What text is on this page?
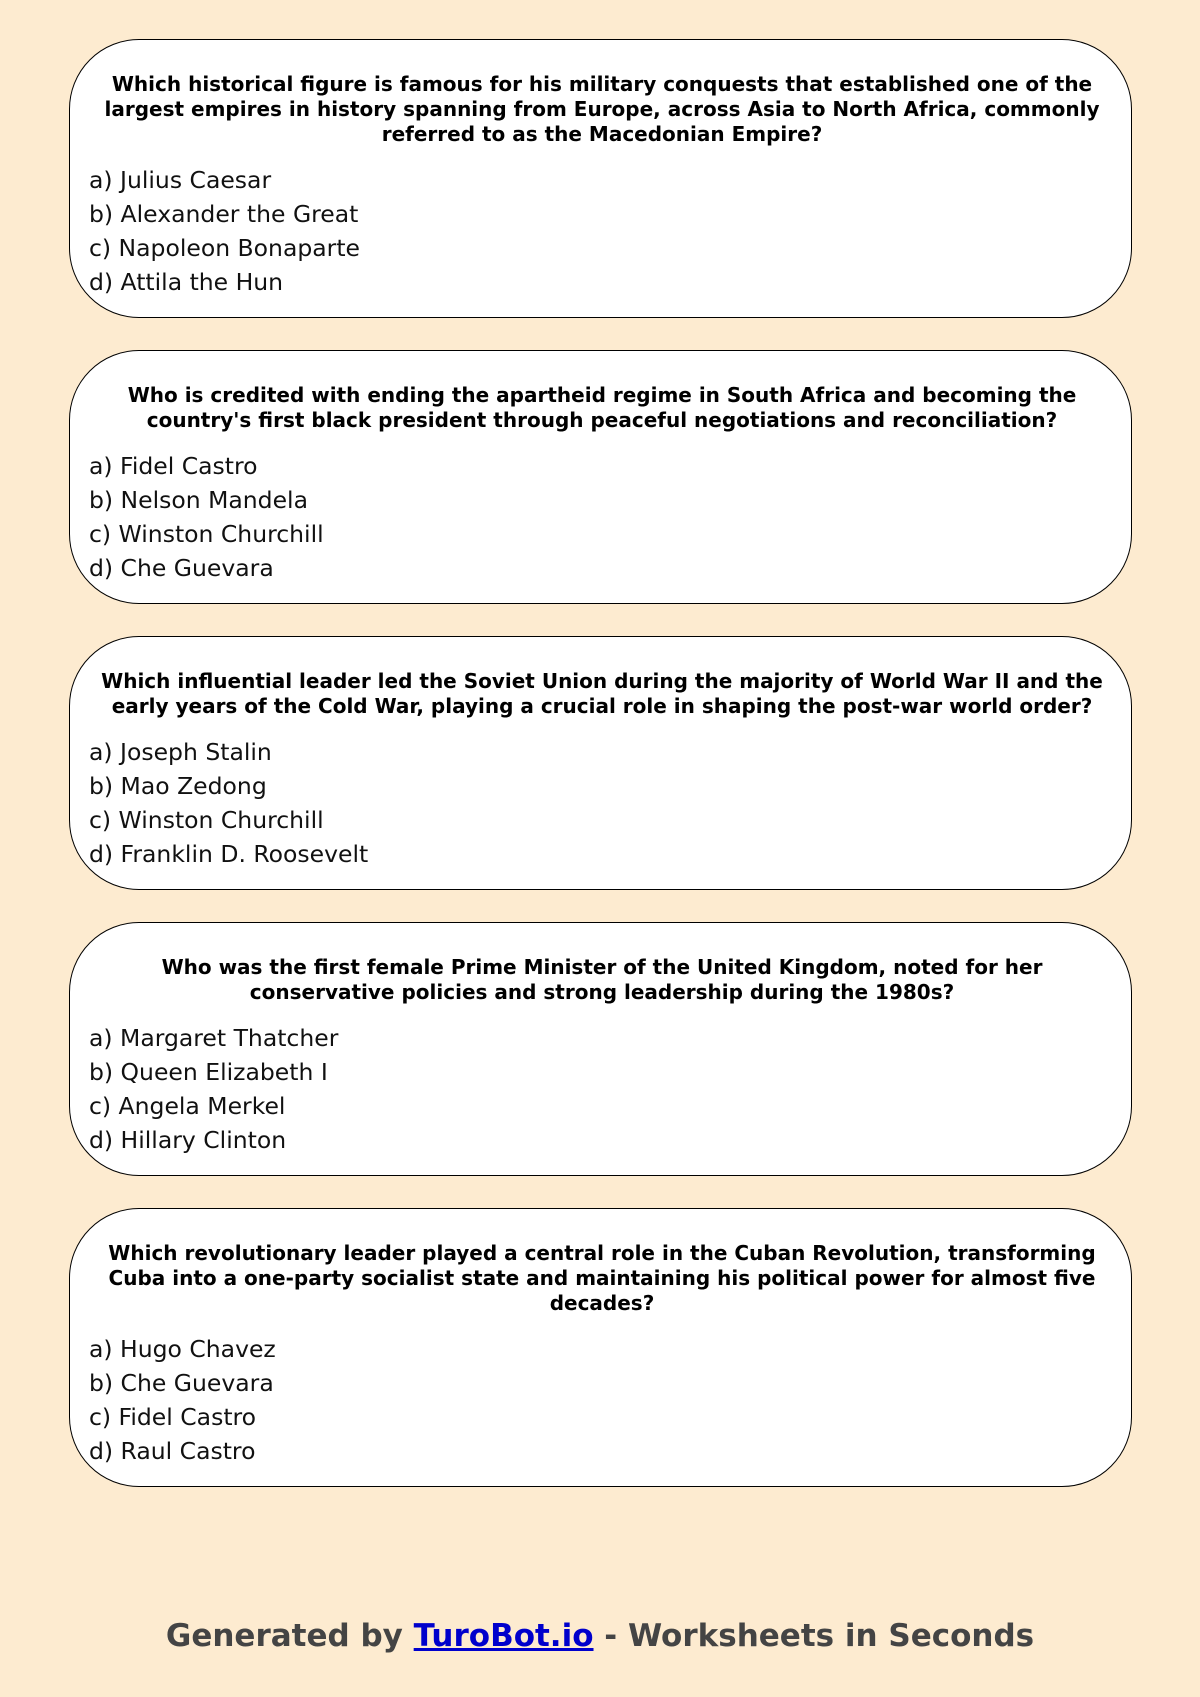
Which historical figure is famous for his military conquests that established one of the largest empires in history spanning from Europe, across Asia to North Africa, commonly referred to as the Macedonian Empire?

a) Julius Caesar
b) Alexander the Great
c) Napoleon Bonaparte
d) Attila the Hun

Who is credited with ending the apartheid regime in South Africa and becoming the country's first black president through peaceful negotiations and reconciliation?

a) Fidel Castro
b) Nelson Mandela
c) Winston Churchill
d) Che Guevara

Which influential leader led the Soviet Union during the majority of World War II and the early years of the Cold War, playing a crucial role in shaping the post-war world order?

a) Joseph Stalin
b) Mao Zedong
c) Winston Churchill
d) Franklin D. Roosevelt

Who was the first female Prime Minister of the United Kingdom, noted for her conservative policies and strong leadership during the 1980s?

a) Margaret Thatcher
b) Queen Elizabeth I
c) Angela Merkel
d) Hillary Clinton

Which revolutionary leader played a central role in the Cuban Revolution, transforming Cuba into a one-party socialist state and maintaining his political power for almost five decades?

a) Hugo Chavez
b) Che Guevara
c) Fidel Castro
d) Raul Castro
Generated by TuroBot.io - Worksheets in Seconds
